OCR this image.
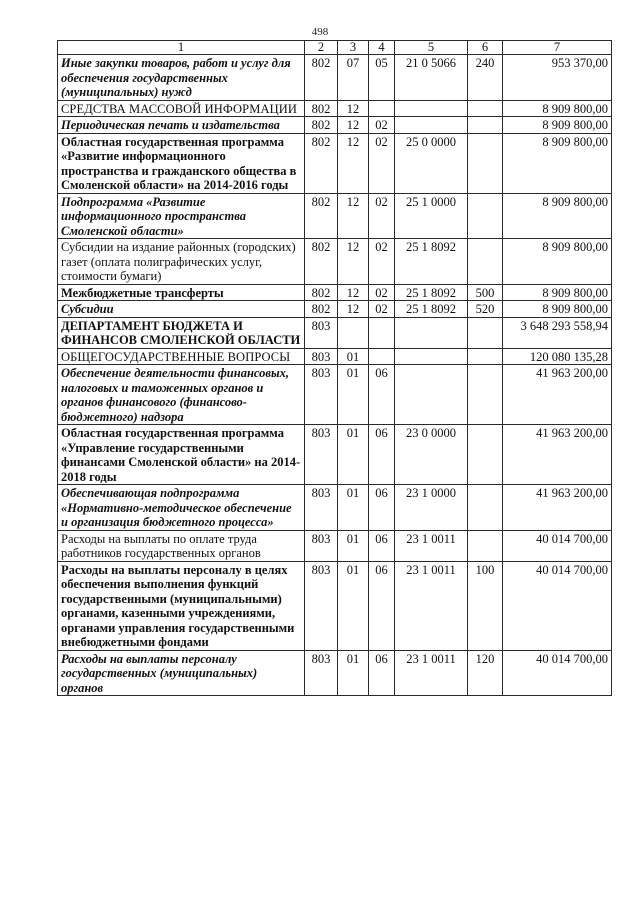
498
1	2	3	4	5	6	7
Иные закупки товаров, работ и услуг для обеспечения государственных (муниципальных) нужд	802	07	05	21 0 5066	240	953 370,00
СРЕДСТВА МАССОВОЙ ИНФОРМАЦИИ	802	12				8 909 800,00
Периодическая печать и издательства	802	12	02			8 909 800,00
Областная государственная программа «Развитие информационного пространства и гражданского общества в Смоленской области» на 2014-2016 годы	802	12	02	25 0 0000		8 909 800,00
Подпрограмма «Развитие информационного пространства Смоленской области»	802	12	02	25 1 0000		8 909 800,00
Субсидии на издание районных (городских) газет (оплата полиграфических услуг, стоимости бумаги)	802	12	02	25 1 8092		8 909 800,00
Межбюджетные трансферты	802	12	02	25 1 8092	500	8 909 800,00
Субсидии	802	12	02	25 1 8092	520	8 909 800,00
ДЕПАРТАМЕНТ БЮДЖЕТА И ФИНАНСОВ СМОЛЕНСКОЙ ОБЛАСТИ	803					3 648 293 558,94
ОБЩЕГОСУДАРСТВЕННЫЕ ВОПРОСЫ	803	01				120 080 135,28
Обеспечение деятельности финансовых, налоговых и таможенных органов и органов финансового (финансово-бюджетного) надзора	803	01	06			41 963 200,00
Областная государственная программа «Управление государственными финансами Смоленской области» на 2014-2018 годы	803	01	06	23 0 0000		41 963 200,00
Обеспечивающая подпрограмма «Нормативно-методическое обеспечение и организация бюджетного процесса»	803	01	06	23 1 0000		41 963 200,00
Расходы на выплаты по оплате труда работников государственных органов	803	01	06	23 1 0011		40 014 700,00
Расходы на выплаты персоналу в целях обеспечения выполнения функций государственными (муниципальными) органами, казенными учреждениями, органами управления государственными внебюджетными фондами	803	01	06	23 1 0011	100	40 014 700,00
Расходы на выплаты персоналу государственных (муниципальных) органов	803	01	06	23 1 0011	120	40 014 700,00
